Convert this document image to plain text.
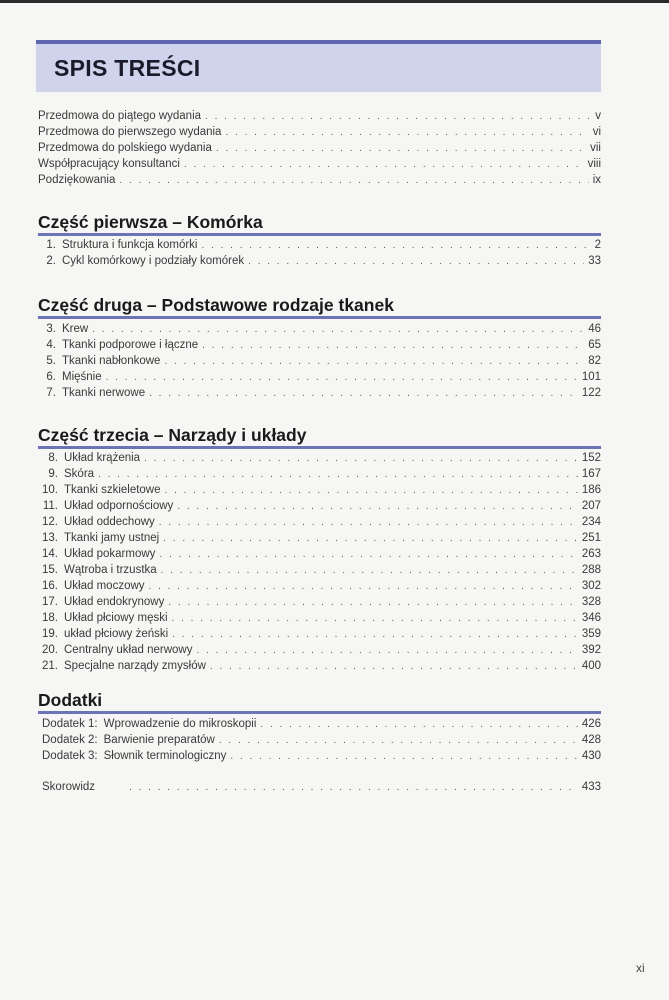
SPIS TREŚCI
Przedmowa do piątego wydania . . .	v
Przedmowa do pierwszego wydania . . .	vi
Przedmowa do polskiego wydania . . .	vii
Współpracujący konsultanci . . .	viii
Podziękowania . . .	ix
Część pierwsza – Komórka
1. Struktura i funkcja komórki . . .	2
2. Cykl komórkowy i podziały komórek . . .	33
Część druga – Podstawowe rodzaje tkanek
3. Krew . . .	46
4. Tkanki podporowe i łączne . . .	65
5. Tkanki nabłonkowe . . .	82
6. Mięśnie . . .	101
7. Tkanki nerwowe . . .	122
Część trzecia – Narządy i układy
8. Układ krążenia . . .	152
9. Skóra . . .	167
10. Tkanki szkieletowe . . .	186
11. Układ odpornościowy . . .	207
12. Układ oddechowy . . .	234
13. Tkanki jamy ustnej . . .	251
14. Układ pokarmowy . . .	263
15. Wątroba i trzustka . . .	288
16. Układ moczowy . . .	302
17. Układ endokrynowy . . .	328
18. Układ płciowy męski . . .	346
19. układ płciowy żeński . . .	359
20. Centralny układ nerwowy . . .	392
21. Specjalne narządy zmysłów . . .	400
Dodatki
Dodatek 1: Wprowadzenie do mikroskopii . . .	426
Dodatek 2: Barwienie preparatów . . .	428
Dodatek 3: Słownik terminologiczny . . .	430
Skorowidz . . .	433
xi
